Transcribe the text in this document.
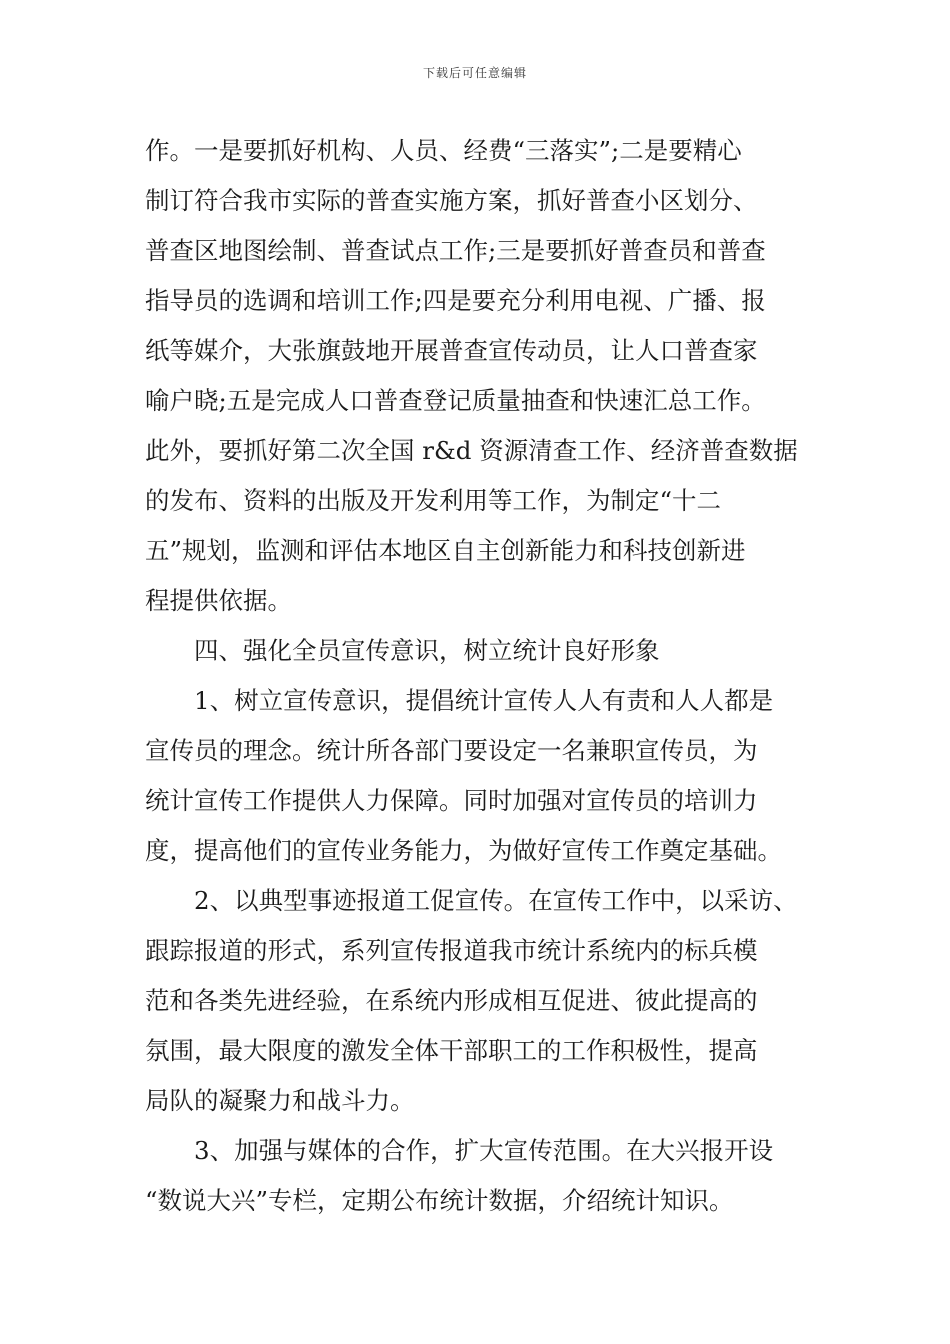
下载后可任意编辑
作。一是要抓好机构、人员、经费“三落实”;二是要精心
制订符合我市实际的普查实施方案，抓好普查小区划分、
普查区地图绘制、普查试点工作;三是要抓好普查员和普查
指导员的选调和培训工作;四是要充分利用电视、广播、报
纸等媒介，大张旗鼓地开展普查宣传动员，让人口普查家
喻户晓;五是完成人口普查登记质量抽查和快速汇总工作。
此外，要抓好第二次全国 r&d 资源清查工作、经济普查数据
的发布、资料的出版及开发利用等工作，为制定“十二
五”规划，监测和评估本地区自主创新能力和科技创新进
程提供依据。
　　四、强化全员宣传意识，树立统计良好形象
　　1、树立宣传意识，提倡统计宣传人人有责和人人都是
宣传员的理念。统计所各部门要设定一名兼职宣传员，为
统计宣传工作提供人力保障。同时加强对宣传员的培训力
度，提高他们的宣传业务能力，为做好宣传工作奠定基础。
　　2、以典型事迹报道工促宣传。在宣传工作中，以采访、
跟踪报道的形式，系列宣传报道我市统计系统内的标兵模
范和各类先进经验，在系统内形成相互促进、彼此提高的
氛围，最大限度的激发全体干部职工的工作积极性，提高
局队的凝聚力和战斗力。
　　3、加强与媒体的合作，扩大宣传范围。在大兴报开设
“数说大兴”专栏，定期公布统计数据，介绍统计知识。
